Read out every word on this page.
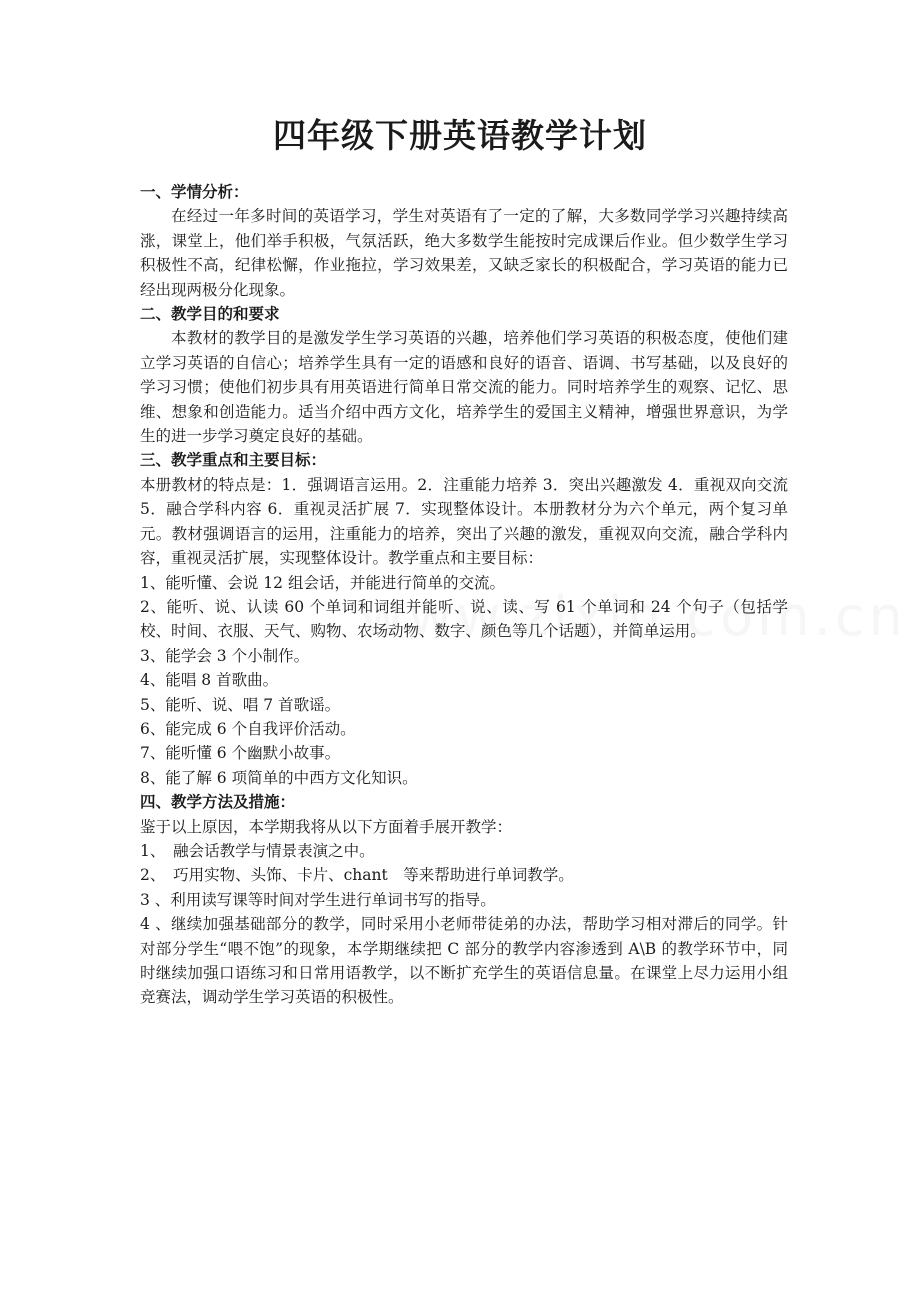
四年级下册英语教学计划

一、学情分析：

在经过一年多时间的英语学习，学生对英语有了一定的了解，大多数同学学习兴趣持续高涨，课堂上，他们举手积极，气氛活跃，绝大多数学生能按时完成课后作业。但少数学生学习积极性不高，纪律松懈，作业拖拉，学习效果差，又缺乏家长的积极配合，学习英语的能力已经出现两极分化现象。

二、教学目的和要求

本教材的教学目的是激发学生学习英语的兴趣，培养他们学习英语的积极态度，使他们建立学习英语的自信心；培养学生具有一定的语感和良好的语音、语调、书写基础，以及良好的学习习惯；使他们初步具有用英语进行简单日常交流的能力。同时培养学生的观察、记忆、思维、想象和创造能力。适当介绍中西方文化，培养学生的爱国主义精神，增强世界意识，为学生的进一步学习奠定良好的基础。

三、教学重点和主要目标：

本册教材的特点是：1．强调语言运用。2．注重能力培养 3．突出兴趣激发 4．重视双向交流 5．融合学科内容 6．重视灵活扩展 7．实现整体设计。本册教材分为六个单元，两个复习单元。教材强调语言的运用，注重能力的培养，突出了兴趣的激发，重视双向交流，融合学科内容，重视灵活扩展，实现整体设计。教学重点和主要目标：

1、能听懂、会说 12 组会话，并能进行简单的交流。

2、能听、说、认读 60 个单词和词组并能听、说、读、写 61 个单词和 24 个句子（包括学校、时间、衣服、天气、购物、农场动物、数字、颜色等几个话题），并简单运用。

3、能学会 3 个小制作。

4、能唱 8 首歌曲。

5、能听、说、唱 7 首歌谣。

6、能完成 6 个自我评价活动。

7、能听懂 6 个幽默小故事。

8、能了解 6 项简单的中西方文化知识。

四、教学方法及措施：

鉴于以上原因，本学期我将从以下方面着手展开教学：

1、　融会话教学与情景表演之中。

2、　巧用实物、头饰、卡片、chant　等来帮助进行单词教学。

3 、利用读写课等时间对学生进行单词书写的指导。

4 、继续加强基础部分的教学，同时采用小老师带徒弟的办法，帮助学习相对滞后的同学。针对部分学生“喂不饱”的现象，本学期继续把 C 部分的教学内容渗透到 A\B 的教学环节中，同时继续加强口语练习和日常用语教学，以不断扩充学生的英语信息量。在课堂上尽力运用小组竞赛法，调动学生学习英语的积极性。
